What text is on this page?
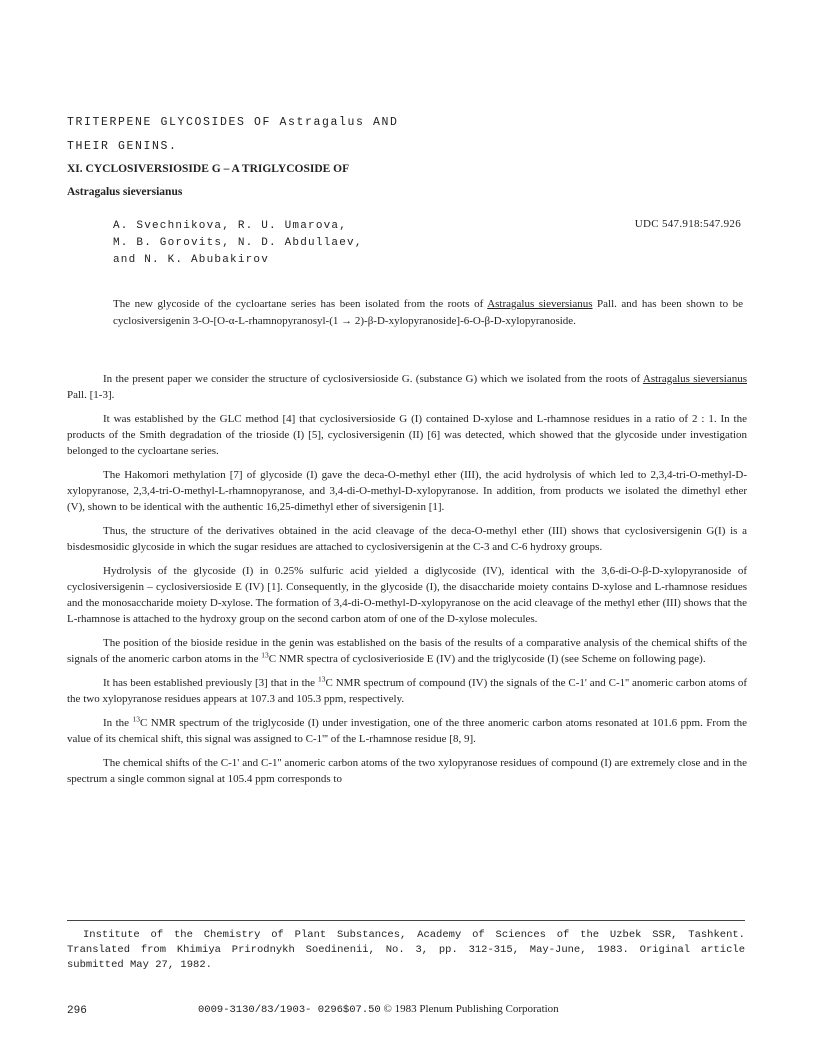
TRITERPENE GLYCOSIDES OF Astragalus AND
THEIR GENINS.
XI. CYCLOSIVERSIOSIDE G – A TRIGLYCOSIDE OF
Astragalus sieversianus
A. Svechnikova, R. U. Umarova,
M. B. Gorovits, N. D. Abdullaev,
and N. K. Abubakirov
UDC 547.918:547.926
The new glycoside of the cycloartane series has been isolated from the roots of Astragalus sieversianus Pall. and has been shown to be cyclosiversigenin 3-O-[O-α-L-rhamnopyranosyl-(1 → 2)-β-D-xylopyranoside]-6-O-β-D-xylopyranoside.

In the present paper we consider the structure of cyclosiversioside G. (substance G) which we isolated from the roots of Astragalus sieversianus Pall. [1-3].

It was established by the GLC method [4] that cyclosiversioside G (I) contained D-xylose and L-rhamnose residues in a ratio of 2 : 1. In the products of the Smith degradation of the trioside (I) [5], cyclosiversigenin (II) [6] was detected, which showed that the glycoside under investigation belonged to the cycloartane series.

The Hakomori methylation [7] of glycoside (I) gave the deca-O-methyl ether (III), the acid hydrolysis of which led to 2,3,4-tri-O-methyl-D-xylopyranose, 2,3,4-tri-O-methyl-L-rhamnopyranose, and 3,4-di-O-methyl-D-xylopyranose. In addition, from products we isolated the dimethyl ether (V), shown to be identical with the authentic 16,25-dimethyl ether of siversigenin [1].

Thus, the structure of the derivatives obtained in the acid cleavage of the deca-O-methyl ether (III) shows that cyclosiversigenin G(I) is a bisdesmosidic glycoside in which the sugar residues are attached to cyclosiversigenin at the C-3 and C-6 hydroxy groups.

Hydrolysis of the glycoside (I) in 0.25% sulfuric acid yielded a diglycoside (IV), identical with the 3,6-di-O-β-D-xylopyranoside of cyclosiversigenin – cyclosiversioside E (IV) [1]. Consequently, in the glycoside (I), the disaccharide moiety contains D-xylose and L-rhamnose residues and the monosaccharide moiety D-xylose. The formation of 3,4-di-O-methyl-D-xylopyranose on the acid cleavage of the methyl ether (III) shows that the L-rhamnose is attached to the hydroxy group on the second carbon atom of one of the D-xylose molecules.

The position of the bioside residue in the genin was established on the basis of the results of a comparative analysis of the chemical shifts of the signals of the anomeric carbon atoms in the $^{13}$C NMR spectra of cyclosiverioside E (IV) and the triglycoside (I) (see Scheme on following page).

It has been established previously [3] that in the $^{13}$C NMR spectrum of compound (IV) the signals of the C-1' and C-1'' anomeric carbon atoms of the two xylopyranose residues appears at 107.3 and 105.3 ppm, respectively.

In the $^{13}$C NMR spectrum of the triglycoside (I) under investigation, one of the three anomeric carbon atoms resonated at 101.6 ppm. From the value of its chemical shift, this signal was assigned to C-1''' of the L-rhamnose residue [8, 9].

The chemical shifts of the C-1' and C-1'' anomeric carbon atoms of the two xylopyranose residues of compound (I) are extremely close and in the spectrum a single common signal at 105.4 ppm corresponds to

Institute of the Chemistry of Plant Substances, Academy of Sciences of the Uzbek SSR, Tashkent. Translated from Khimiya Prirodnykh Soedinenii, No. 3, pp. 312-315, May-June, 1983. Original article submitted May 27, 1982.
296	0009-3130/83/1903- 0296$07.50 © 1983 Plenum Publishing Corporation
